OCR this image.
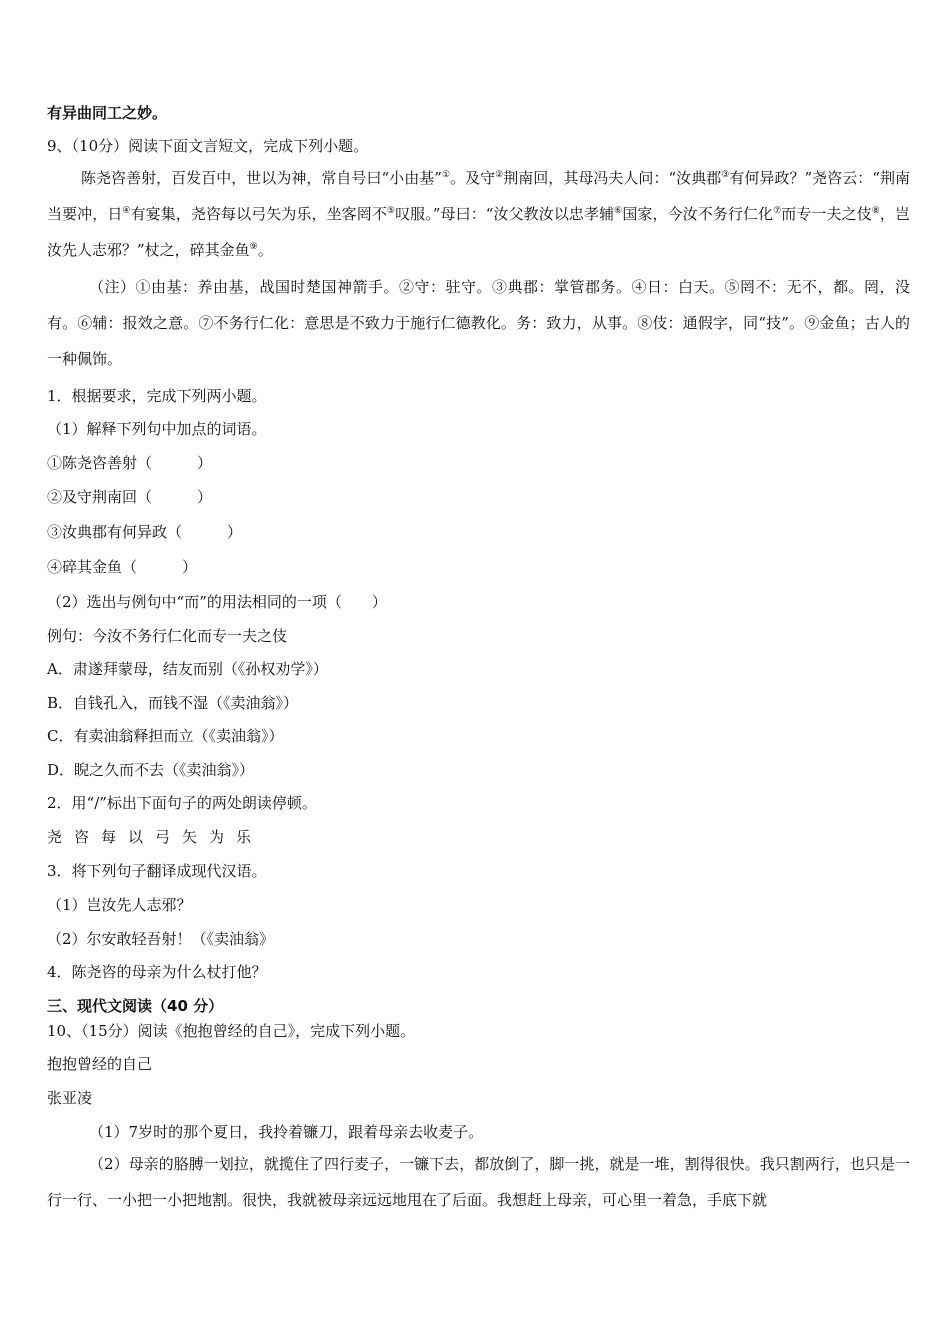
有异曲同工之妙。
9、（10分）阅读下面文言短文，完成下列小题。
陈尧咨善射，百发百中，世以为神，常自号曰“小由基”①。及守②荆南回，其母冯夫人问：“汝典郡③有何异政？”尧咨云：“荆南当要冲，日④有宴集，尧咨每以弓矢为乐，坐客罔不⑤叹服。”母曰：“汝父教汝以忠孝辅⑥国家，今汝不务行仁化⑦而专一夫之伎⑧，岂汝先人志邪？”杖之，碎其金鱼⑨。
（注）①由基：养由基，战国时楚国神箭手。②守：驻守。③典郡：掌管郡务。④日：白天。⑤罔不：无不，都。罔，没有。⑥辅：报效之意。⑦不务行仁化：意思是不致力于施行仁德教化。务：致力，从事。⑧伎：通假字，同“技”。⑨金鱼；古人的一种佩饰。
1．根据要求，完成下列两小题。
（1）解释下列句中加点的词语。
①陈尧咨善射（　　　）
②及守荆南回（　　　）
③汝典郡有何异政（　　　）
④碎其金鱼（　　　）
（2）选出与例句中“而”的用法相同的一项（　　）
例句：今汝不务行仁化而专一夫之伎
A．肃遂拜蒙母，结友而别（《孙权劝学》）
B．自钱孔入，而钱不湿（《卖油翁》）
C．有卖油翁释担而立（《卖油翁》）
D．睨之久而不去（《卖油翁》）
2．用“/”标出下面句子的两处朗读停顿。
尧咨每以弓矢为乐
3．将下列句子翻译成现代汉语。
（1）岂汝先人志邪？
（2）尔安敢轻吾射！（《卖油翁》
4．陈尧咨的母亲为什么杖打他？
三、现代文阅读（40 分）
10、（15分）阅读《抱抱曾经的自己》，完成下列小题。
抱抱曾经的自己
张亚凌
（1）7岁时的那个夏日，我拎着镰刀，跟着母亲去收麦子。
（2）母亲的胳膊一划拉，就揽住了四行麦子，一镰下去，都放倒了，脚一挑，就是一堆，割得很快。我只割两行，也只是一行一行、一小把一小把地割。很快，我就被母亲远远地甩在了后面。我想赶上母亲，可心里一着急，手底下就
